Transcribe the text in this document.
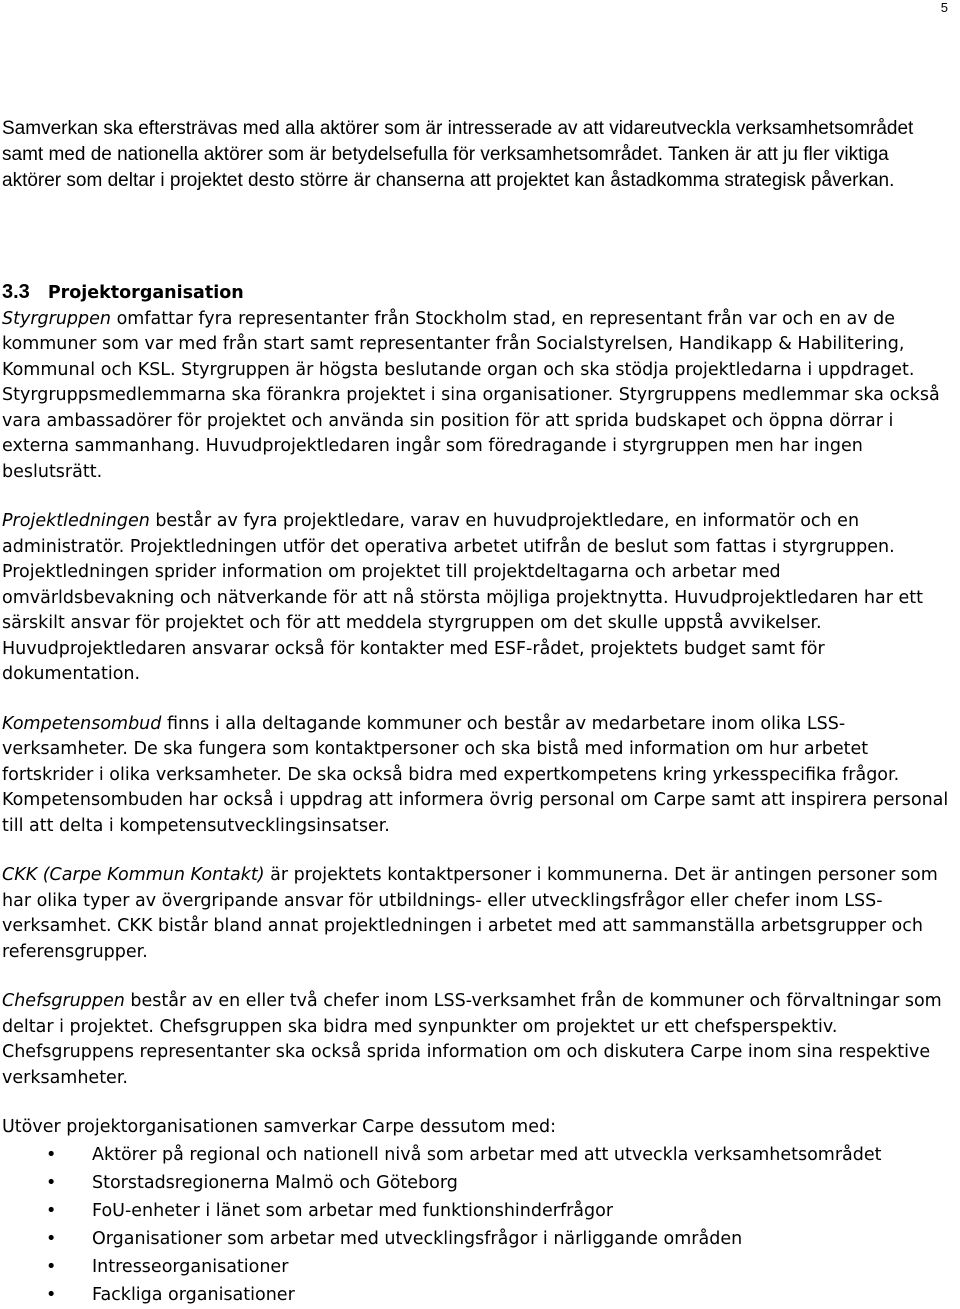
5

Samverkan ska eftersträvas med alla aktörer som är intresserade av att vidareutveckla verksamhetsområdet samt med de nationella aktörer som är betydelsefulla för verksamhetsområdet. Tanken är att ju fler viktiga aktörer som deltar i projektet desto större är chanserna att projektet kan åstadkomma strategisk påverkan.

3.3 Projektorganisation

Styrgruppen omfattar fyra representanter från Stockholm stad, en representant från var och en av de kommuner som var med från start samt representanter från Socialstyrelsen, Handikapp & Habilitering, Kommunal och KSL. Styrgruppen är högsta beslutande organ och ska stödja projektledarna i uppdraget. Styrgruppsmedlemmarna ska förankra projektet i sina organisationer. Styrgruppens medlemmar ska också vara ambassadörer för projektet och använda sin position för att sprida budskapet och öppna dörrar i externa sammanhang. Huvudprojektledaren ingår som föredragande i styrgruppen men har ingen beslutsrätt.

Projektledningen består av fyra projektledare, varav en huvudprojektledare, en informatör och en administratör. Projektledningen utför det operativa arbetet utifrån de beslut som fattas i styrgruppen. Projektledningen sprider information om projektet till projektdeltagarna och arbetar med omvärldsbevakning och nätverkande för att nå största möjliga projektnytta. Huvudprojektledaren har ett särskilt ansvar för projektet och för att meddela styrgruppen om det skulle uppstå avvikelser. Huvudprojektledaren ansvarar också för kontakter med ESF-rådet, projektets budget samt för dokumentation.

Kompetensombud finns i alla deltagande kommuner och består av medarbetare inom olika LSS-verksamheter. De ska fungera som kontaktpersoner och ska bistå med information om hur arbetet fortskrider i olika verksamheter. De ska också bidra med expertkompetens kring yrkesspecifika frågor. Kompetensombuden har också i uppdrag att informera övrig personal om Carpe samt att inspirera personal till att delta i kompetensutvecklingsinsatser.

CKK (Carpe Kommun Kontakt) är projektets kontaktpersoner i kommunerna. Det är antingen personer som har olika typer av övergripande ansvar för utbildnings- eller utvecklingsfrågor eller chefer inom LSS-verksamhet. CKK bistår bland annat projektledningen i arbetet med att sammanställa arbetsgrupper och referensgrupper.

Chefsgruppen består av en eller två chefer inom LSS-verksamhet från de kommuner och förvaltningar som deltar i projektet. Chefsgruppen ska bidra med synpunkter om projektet ur ett chefsperspektiv. Chefsgruppens representanter ska också sprida information om och diskutera Carpe inom sina respektive verksamheter.

Utöver projektorganisationen samverkar Carpe dessutom med:

• Aktörer på regional och nationell nivå som arbetar med att utveckla verksamhetsområdet
• Storstadsregionerna Malmö och Göteborg
• FoU-enheter i länet som arbetar med funktionshinderfrågor
• Organisationer som arbetar med utvecklingsfrågor i närliggande områden
• Intresseorganisationer
• Fackliga organisationer
